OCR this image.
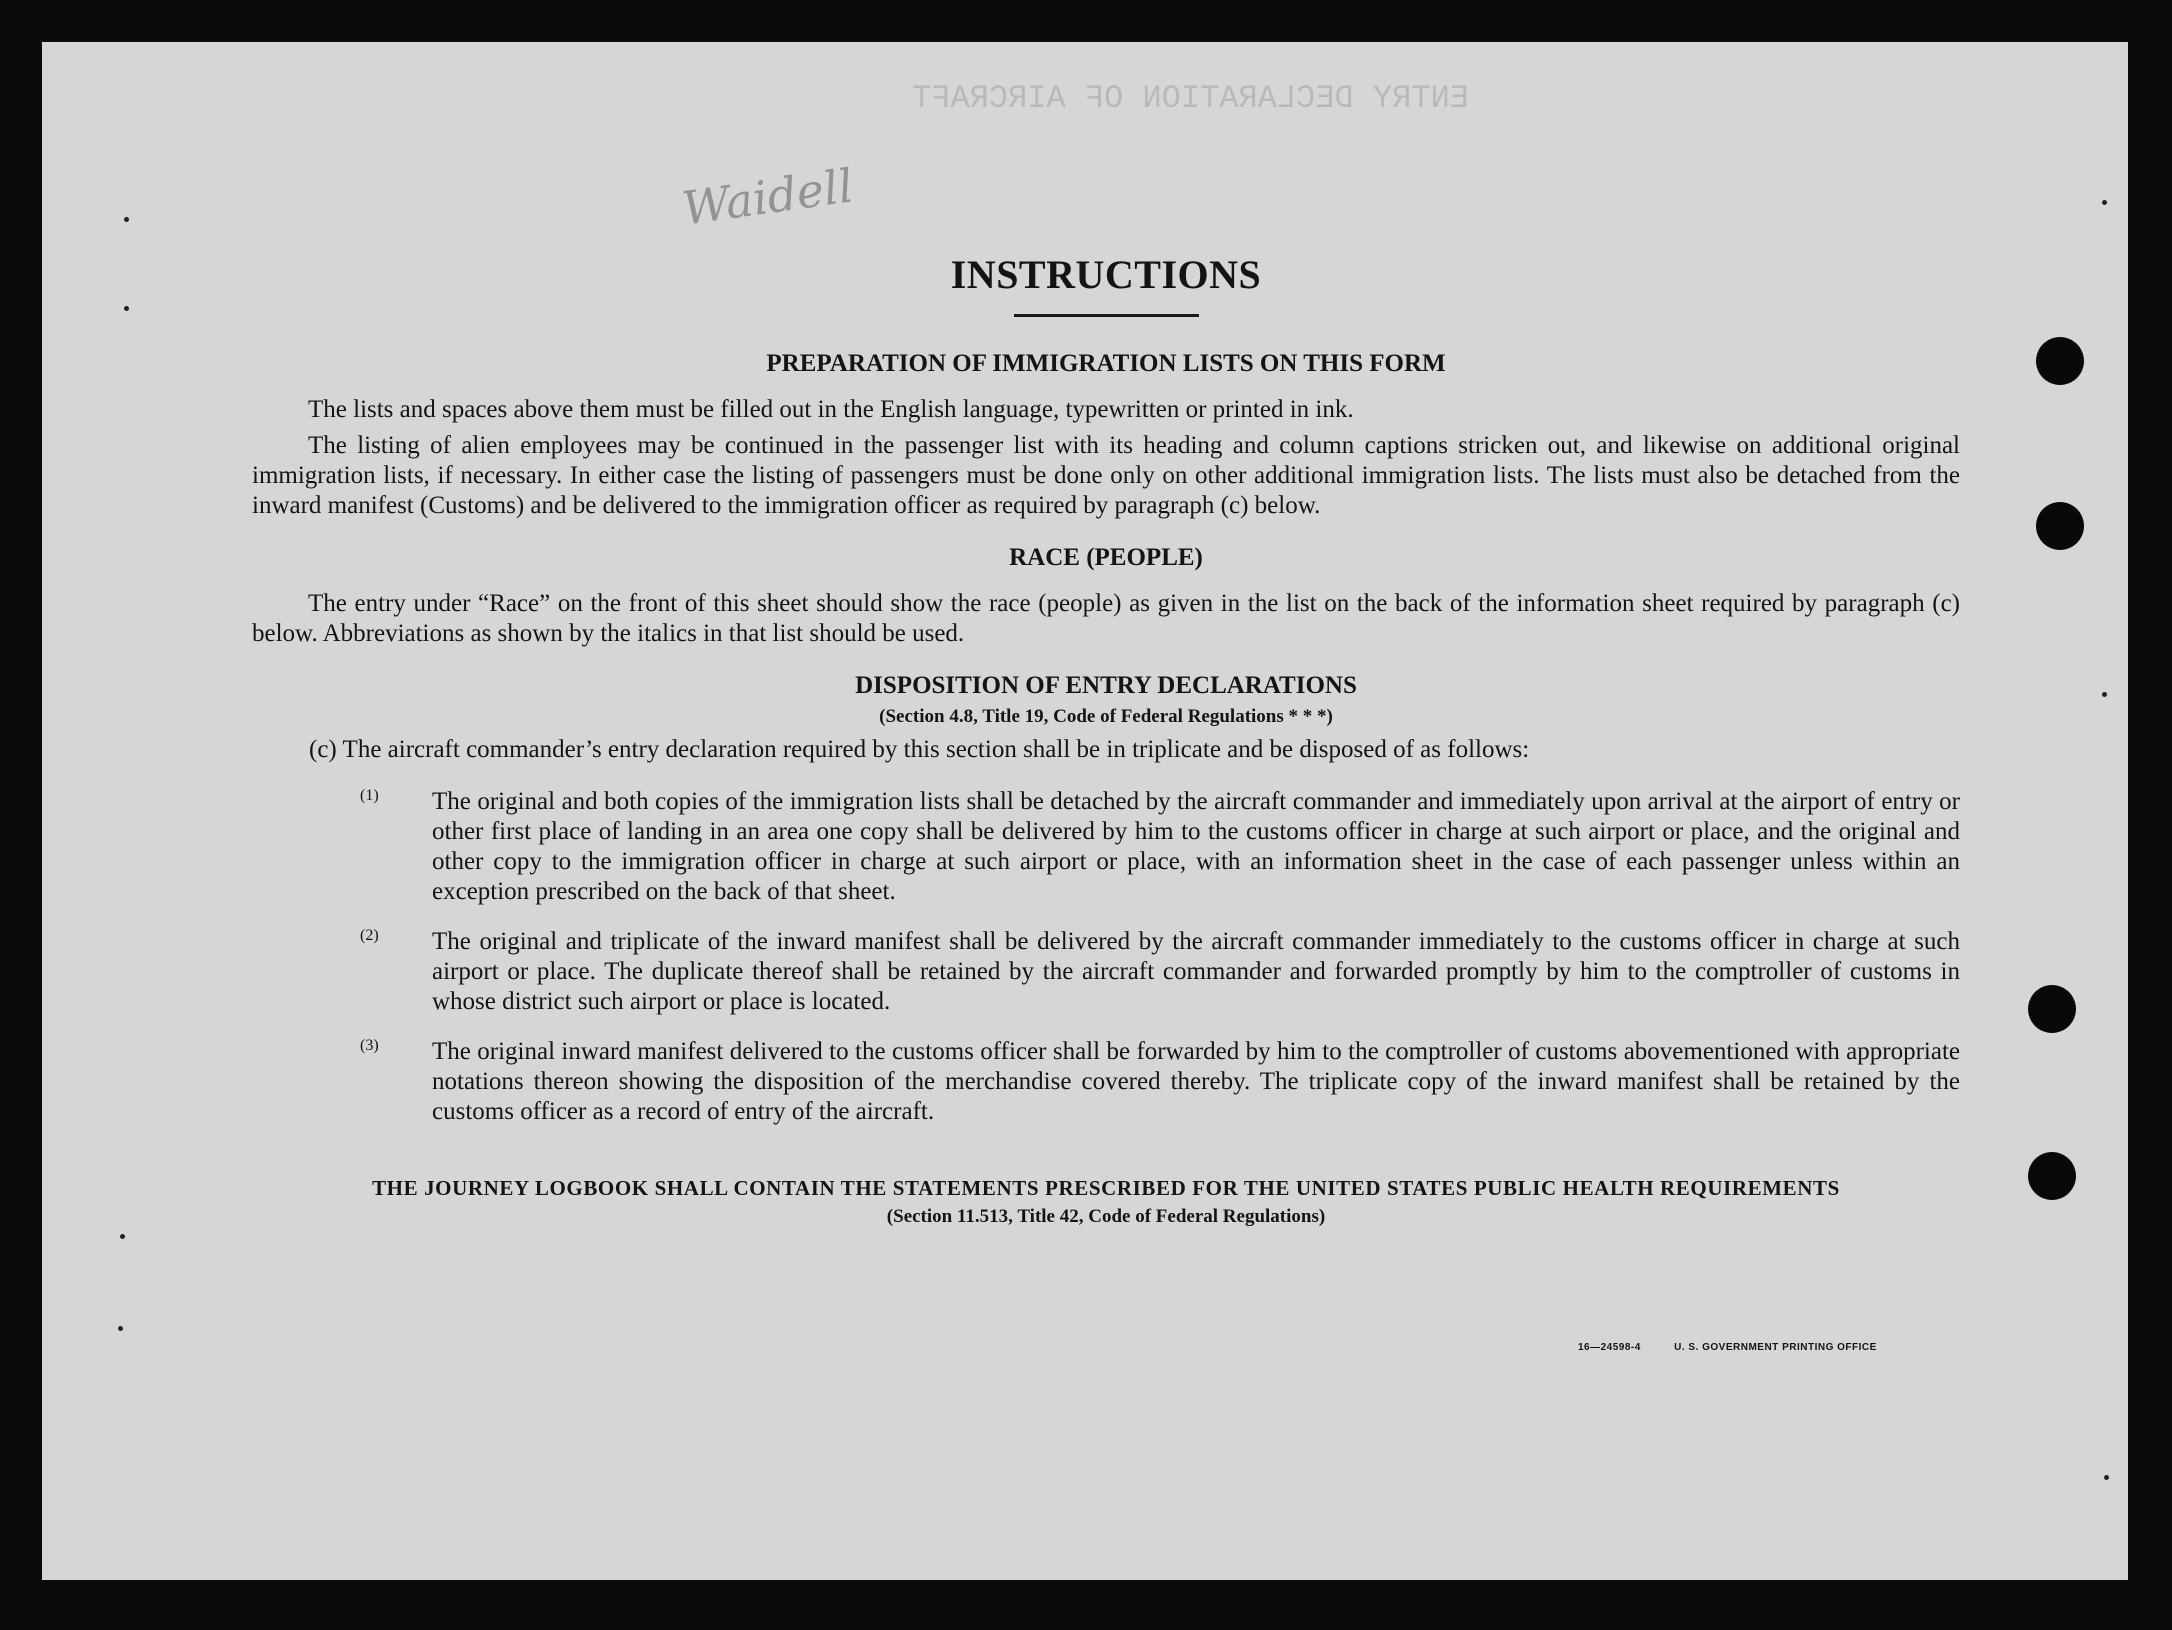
ENTRY DECLARATION OF AIRCRAFT
Waidell
INSTRUCTIONS
PREPARATION OF IMMIGRATION LISTS ON THIS FORM

The lists and spaces above them must be filled out in the English language, typewritten or printed in ink.

The listing of alien employees may be continued in the passenger list with its heading and column captions stricken out, and likewise on additional original immigration lists, if necessary. In either case the listing of passengers must be done only on other additional immigration lists. The lists must also be detached from the inward manifest (Customs) and be delivered to the immigration officer as required by paragraph (c) below.

RACE (PEOPLE)

The entry under “Race” on the front of this sheet should show the race (people) as given in the list on the back of the information sheet required by paragraph (c) below. Abbreviations as shown by the italics in that list should be used.

DISPOSITION OF ENTRY DECLARATIONS
(Section 4.8, Title 19, Code of Federal Regulations * * *)

(c) The aircraft commander’s entry declaration required by this section shall be in triplicate and be disposed of as follows:

(1) The original and both copies of the immigration lists shall be detached by the aircraft commander and immediately upon arrival at the airport of entry or other first place of landing in an area one copy shall be delivered by him to the customs officer in charge at such airport or place, and the original and other copy to the immigration officer in charge at such airport or place, with an information sheet in the case of each passenger unless within an exception prescribed on the back of that sheet.

(2) The original and triplicate of the inward manifest shall be delivered by the aircraft commander immediately to the customs officer in charge at such airport or place. The duplicate thereof shall be retained by the aircraft commander and forwarded promptly by him to the comptroller of customs in whose district such airport or place is located.

(3) The original inward manifest delivered to the customs officer shall be forwarded by him to the comptroller of customs abovementioned with appropriate notations thereon showing the disposition of the merchandise covered thereby. The triplicate copy of the inward manifest shall be retained by the customs officer as a record of entry of the aircraft.

THE JOURNEY LOGBOOK SHALL CONTAIN THE STATEMENTS PRESCRIBED FOR THE UNITED STATES PUBLIC HEALTH REQUIREMENTS
(Section 11.513, Title 42, Code of Federal Regulations)
16—24598-4	U. S. GOVERNMENT PRINTING OFFICE
